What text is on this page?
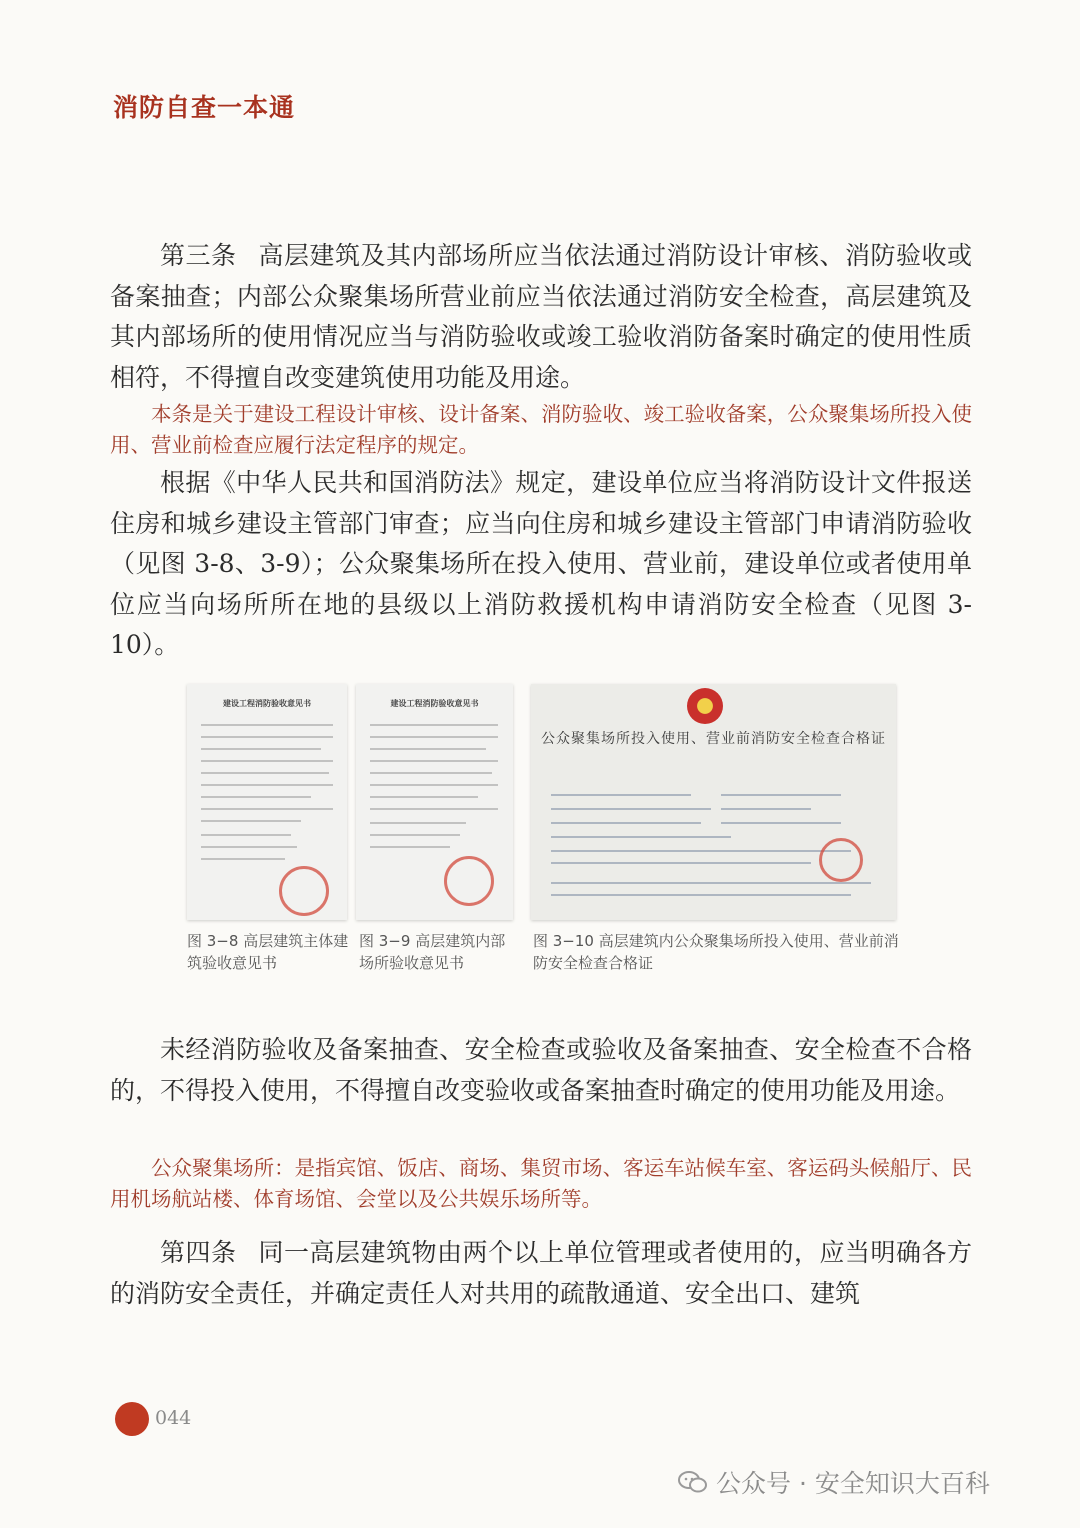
消防自查一本通

第三条 高层建筑及其内部场所应当依法通过消防设计审核、消防验收或备案抽查；内部公众聚集场所营业前应当依法通过消防安全检查，高层建筑及其内部场所的使用情况应当与消防验收或竣工验收消防备案时确定的使用性质相符，不得擅自改变建筑使用功能及用途。

本条是关于建设工程设计审核、设计备案、消防验收、竣工验收备案，公众聚集场所投入使用、营业前检查应履行法定程序的规定。

根据《中华人民共和国消防法》规定，建设单位应当将消防设计文件报送住房和城乡建设主管部门审查；应当向住房和城乡建设主管部门申请消防验收（见图 3-8、3-9）；公众聚集场所在投入使用、营业前，建设单位或者使用单位应当向场所所在地的县级以上消防救援机构申请消防安全检查（见图 3-10）。

建设工程消防验收意见书	建设工程消防验收意见书
公众聚集场所投入使用、营业前消防安全检查合格证
图 3−8 高层建筑主体建筑验收意见书
图 3−9 高层建筑内部场所验收意见书
图 3−10 高层建筑内公众聚集场所投入使用、营业前消防安全检查合格证

未经消防验收及备案抽查、安全检查或验收及备案抽查、安全检查不合格的，不得投入使用，不得擅自改变验收或备案抽查时确定的使用功能及用途。

公众聚集场所：是指宾馆、饭店、商场、集贸市场、客运车站候车室、客运码头候船厅、民用机场航站楼、体育场馆、会堂以及公共娱乐场所等。

第四条 同一高层建筑物由两个以上单位管理或者使用的，应当明确各方的消防安全责任，并确定责任人对共用的疏散通道、安全出口、建筑

044
公众号 · 安全知识大百科
